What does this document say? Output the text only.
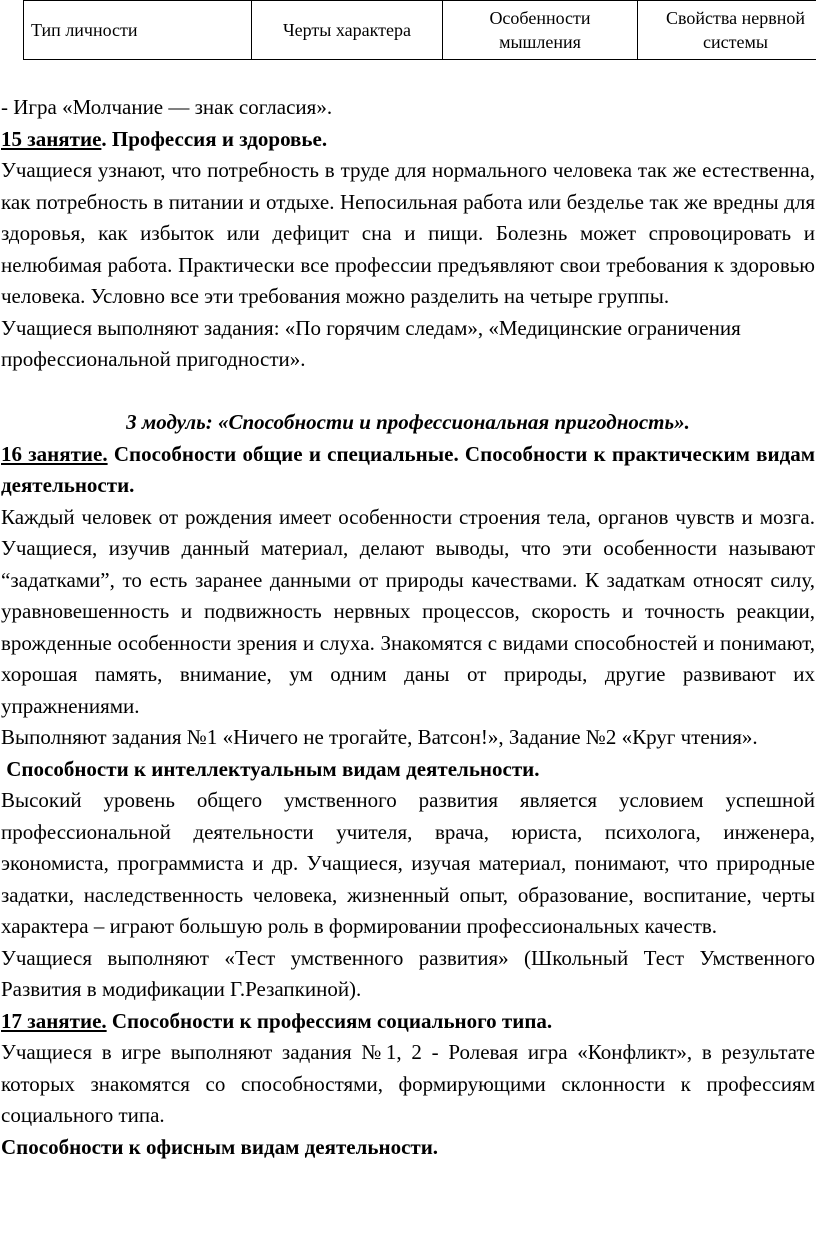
Тип личности	Черты характера	Особенности мышления	Свойства нервной системы

- Игра «Молчание — знак согласия».

15 занятие. Профессия и здоровье.

Учащиеся узнают, что потребность в труде для нормального человека так же естественна, как потребность в питании и отдыхе. Непосильная работа или безделье так же вредны для здоровья, как избыток или дефицит сна и пищи. Болезнь может спровоцировать и нелюбимая работа. Практически все профессии предъявляют свои требования к здоровью человека. Условно все эти требования можно разделить на четыре группы.

Учащиеся выполняют задания: «По горячим следам», «Медицинские ограничения профессиональной пригодности».

3 модуль: «Способности и профессиональная пригодность».

16 занятие. Способности общие и специальные. Способности к практическим видам деятельности.

Каждый человек от рождения имеет особенности строения тела, органов чувств и мозга. Учащиеся, изучив данный материал, делают выводы, что эти особенности называют “задатками”, то есть заранее данными от природы качествами. К задаткам относят силу, уравновешенность и подвижность нервных процессов, скорость и точность реакции, врожденные особенности зрения и слуха. Знакомятся с видами способностей и понимают, хорошая память, внимание, ум одним даны от природы, другие развивают их упражнениями.

Выполняют задания №1 «Ничего не трогайте, Ватсон!», Задание №2 «Круг чтения».

Способности к интеллектуальным видам деятельности.

Высокий уровень общего умственного развития является условием успешной профессиональной деятельности учителя, врача, юриста, психолога, инженера, экономиста, программиста и др. Учащиеся, изучая материал, понимают, что природные задатки, наследственность человека, жизненный опыт, образование, воспитание, черты характера – играют большую роль в формировании профессиональных качеств.

Учащиеся выполняют «Тест умственного развития» (Школьный Тест Умственного Развития в модификации Г.Резапкиной).

17 занятие. Способности к профессиям социального типа.

Учащиеся в игре выполняют задания №1, 2 - Ролевая игра «Конфликт», в результате которых знакомятся со способностями, формирующими склонности к профессиям социального типа.

Способности к офисным видам деятельности.
